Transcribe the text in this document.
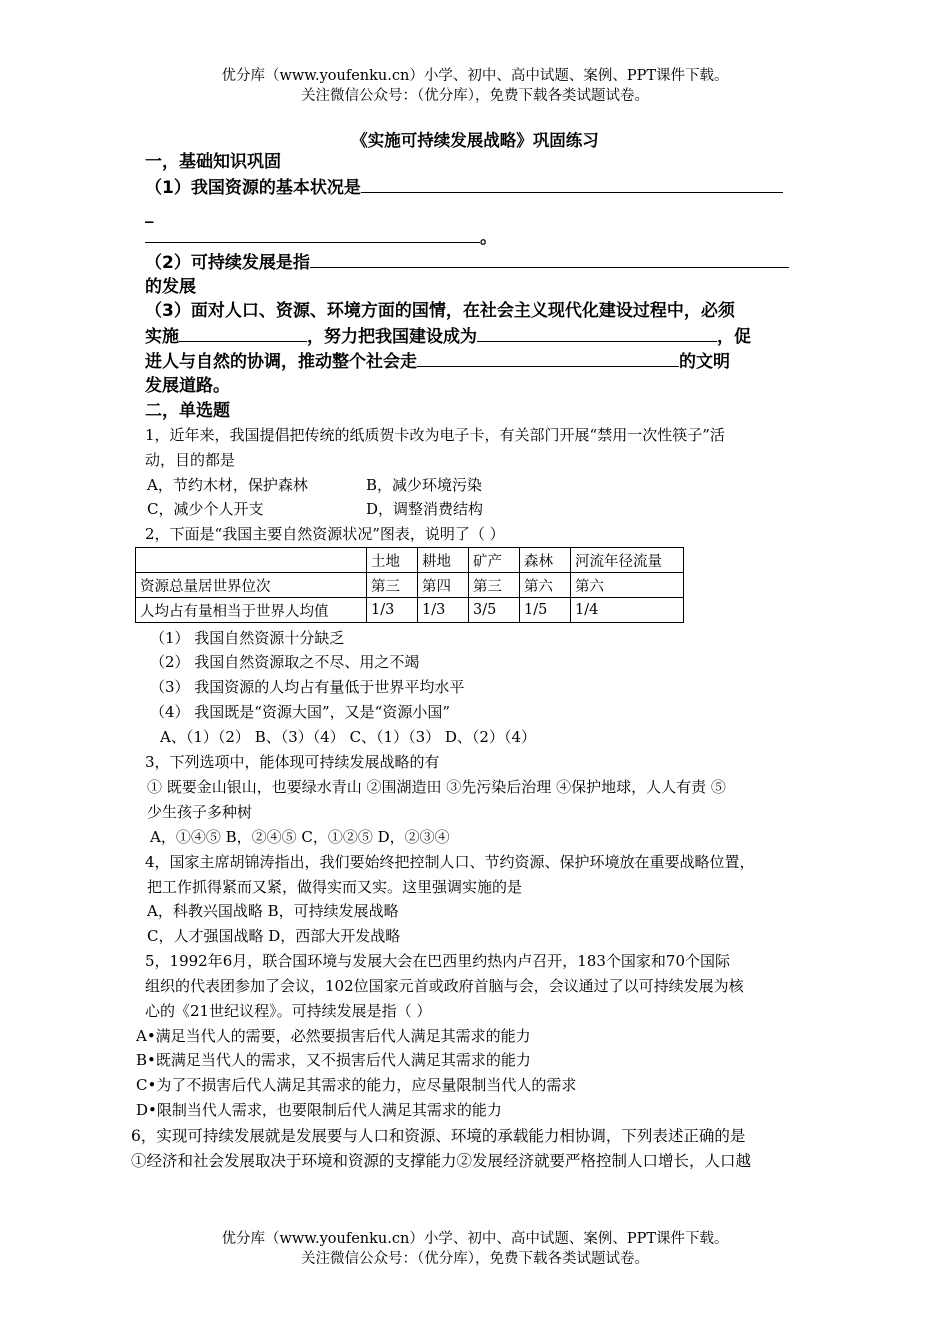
优分库（www.youfenku.cn）小学、初中、高中试题、案例、PPT课件下载。
关注微信公众号：（优分库），免费下载各类试题试卷。
《实施可持续发展战略》巩固练习
一，基础知识巩固
（1）我国资源的基本状况是
_
。
（2）可持续发展是指
的发展
（3）面对人口、资源、环境方面的国情，在社会主义现代化建设过程中，必须
实施	，努力把我国建设成为	，促
进人与自然的协调，推动整个社会走	的文明
发展道路。
二，单选题
1，近年来，我国提倡把传统的纸质贺卡改为电子卡，有关部门开展“禁用一次性筷子”活
动，目的都是
A，节约木材，保护森林	B，减少环境污染
C，减少个人开支	D，调整消费结构
2，下面是“我国主要自然资源状况”图表，说明了（ ）
	土地	耕地	矿产	森林	河流年径流量
资源总量居世界位次	第三	第四	第三	第六	第六
人均占有量相当于世界人均值	1/3	1/3	3/5	1/5	1/4
（1） 我国自然资源十分缺乏
（2） 我国自然资源取之不尽、用之不竭
（3） 我国资源的人均占有量低于世界平均水平
（4） 我国既是“资源大国”，又是“资源小国”
A、（1）（2） B、（3）（4） C、（1）（3） D、（2）（4）
3，下列选项中，能体现可持续发展战略的有
① 既要金山银山，也要绿水青山 ②围湖造田 ③先污染后治理 ④保护地球，人人有责 ⑤
少生孩子多种树
A，①④⑤ B，②④⑤ C，①②⑤ D，②③④
4，国家主席胡锦涛指出，我们要始终把控制人口、节约资源、保护环境放在重要战略位置，
把工作抓得紧而又紧，做得实而又实。这里强调实施的是
A，科教兴国战略 B，可持续发展战略
C，人才强国战略 D，西部大开发战略
5，1992年6月，联合国环境与发展大会在巴西里约热内卢召开，183个国家和70个国际
组织的代表团参加了会议，102位国家元首或政府首脑与会，会议通过了以可持续发展为核
心的《21世纪议程》。可持续发展是指（ ）
A•满足当代人的需要，必然要损害后代人满足其需求的能力
B•既满足当代人的需求，又不损害后代人满足其需求的能力
C•为了不损害后代人满足其需求的能力，应尽量限制当代人的需求
D•限制当代人需求，也要限制后代人满足其需求的能力
6，实现可持续发展就是发展要与人口和资源、环境的承载能力相协调，下列表述正确的是
①经济和社会发展取决于环境和资源的支撑能力②发展经济就要严格控制人口增长，人口越
优分库（www.youfenku.cn）小学、初中、高中试题、案例、PPT课件下载。
关注微信公众号：（优分库），免费下载各类试题试卷。
